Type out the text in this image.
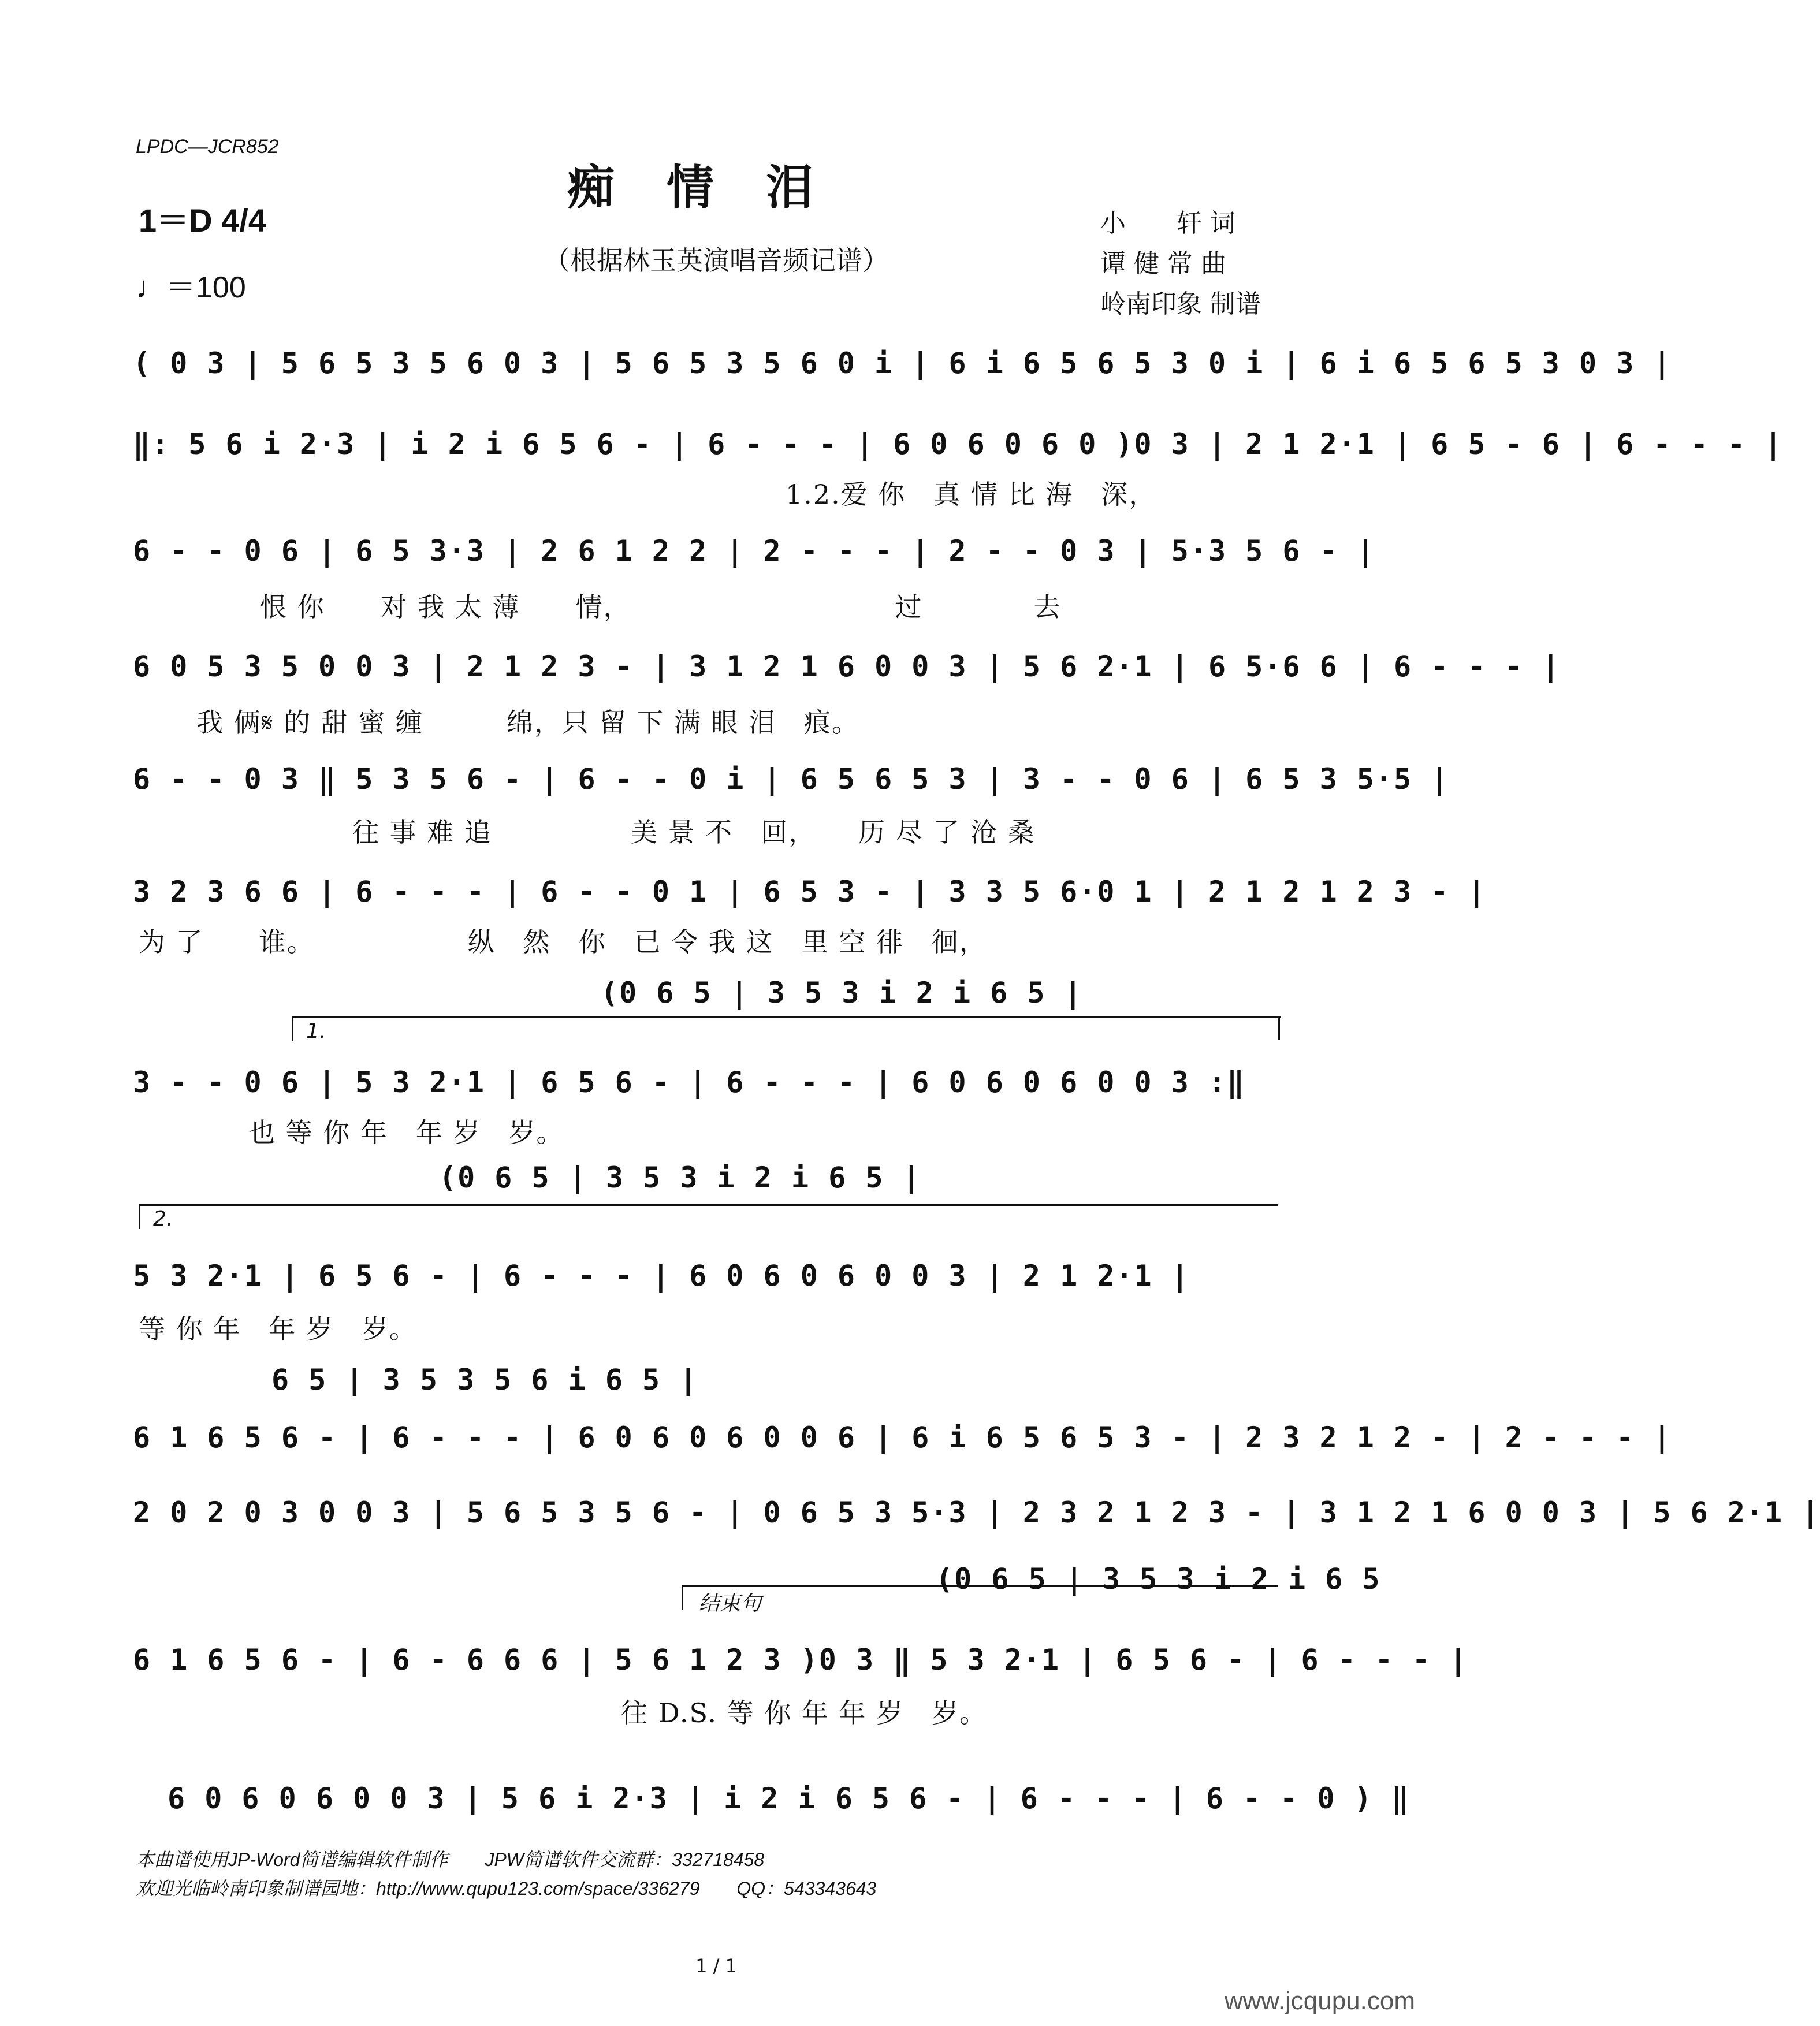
LPDC—JCR852
痴情泪
（根据林玉英演唱音频记谱）
1＝D 4/4
♩＝100
小　　轩 词
谭 健 常 曲
岭南印象 制谱
( 0 3 | 5 6 5 3 5 6 0 3 | 5 6 5 3 5 6 0 i | 6 i 6 5 6 5 3 0 i | 6 i 6 5 6 5 3 0 3 |
‖: 5 6 i 2·3 | i 2 i 6 5 6 - | 6 - - - | 6 0 6 0 6 0 )0 3 | 2 1 2·1 | 6 5 - 6 | 6 - - - |
1.2.爱 你　真 情 比 海　深，
6 - - 0 6 | 6 5 3·3 | 2 6 1 2 2 | 2 - - - | 2 - - 0 3 | 5·3 5 6 - |
恨 你　　对 我 太 薄　　情，　　　　　　　　　　过　　　　去
6 0 5 3 5 0 0 3 | 2 1 2 3 - | 3 1 2 1 6 0 0 3 | 5 6 2·1 | 6 5·6 6 | 6 - - - |
我 俩𝄋 的 甜 蜜 缠　　　绵，只 留 下 满 眼 泪　痕。
6 - - 0 3 ‖ 5 3 5 6 - | 6 - - 0 i | 6 5 6 5 3 | 3 - - 0 6 | 6 5 3 5·5 |
往 事 难 追　　　　　美 景 不　回，　　历 尽 了 沧 桑
3 2 3 6 6 | 6 - - - | 6 - - 0 1 | 6 5 3 - | 3 3 5 6·0 1 | 2 1 2 1 2 3 - |
为 了　　谁。　　　　　　纵　然　你　已 令 我 这　里 空 徘　徊，
(0 6 5 | 3 5 3 i 2 i 6 5 |
3 - - 0 6 | 5 3 2·1 | 6 5 6 - | 6 - - - | 6 0 6 0 6 0 0 3 :‖
也 等 你 年　年 岁　岁。
(0 6 5 | 3 5 3 i 2 i 6 5 |
5 3 2·1 | 6 5 6 - | 6 - - - | 6 0 6 0 6 0 0 3 | 2 1 2·1 |
等 你 年　年 岁　岁。
6 5 | 3 5 3 5 6 i 6 5 |
6 1 6 5 6 - | 6 - - - | 6 0 6 0 6 0 0 6 | 6 i 6 5 6 5 3 - | 2 3 2 1 2 - | 2 - - - |
2 0 2 0 3 0 0 3 | 5 6 5 3 5 6 - | 0 6 5 3 5·3 | 2 3 2 1 2 3 - | 3 1 2 1 6 0 0 3 | 5 6 2·1 |
(0 6 5 | 3 5 3 i 2 i 6 5
6 1 6 5 6 - | 6 - 6 6 6 | 5 6 1 2 3 )0 3 ‖ 5 3 2·1 | 6 5 6 - | 6 - - - |
往 D.S. 等 你 年 年 岁　岁。
6 0 6 0 6 0 0 3 | 5 6 i 2·3 | i 2 i 6 5 6 - | 6 - - - | 6 - - 0 ) ‖
1.
2.
结束句
本曲谱使用JP-Word简谱编辑软件制作　　JPW简谱软件交流群：332718458
欢迎光临岭南印象制谱园地：http://www.qupu123.com/space/336279　　QQ：543343643
1 / 1
www.jcqupu.com
